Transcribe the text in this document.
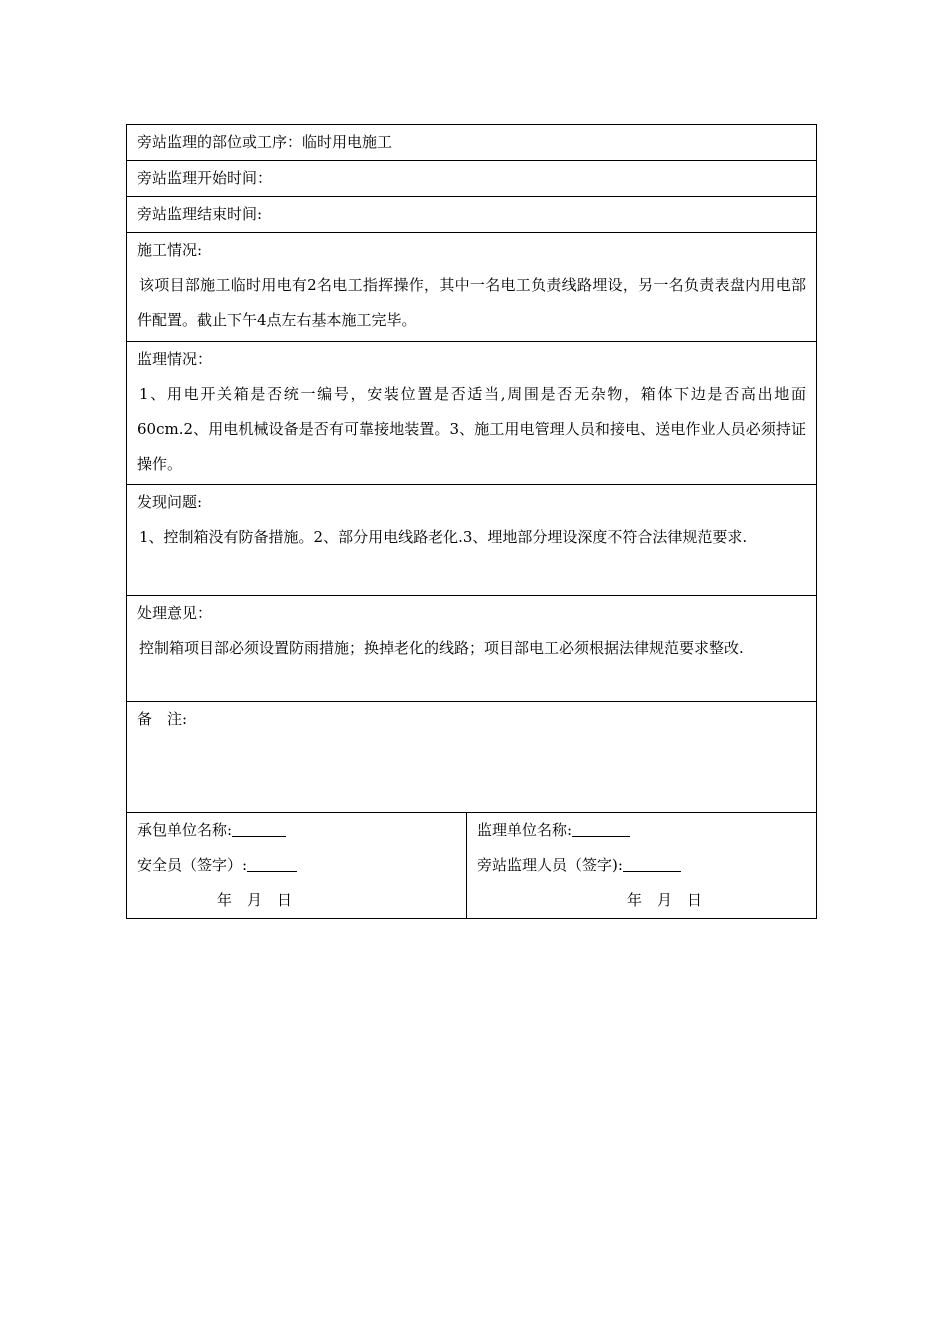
旁站监理的部位或工序：临时用电施工

旁站监理开始时间：

旁站监理结束时间:

施工情况:
该项目部施工临时用电有2名电工指挥操作，其中一名电工负责线路埋设，另一名负责表盘内用电部件配置。截止下午4点左右基本施工完毕。

监理情况：
1、用电开关箱是否统一编号，安装位置是否适当,周围是否无杂物，箱体下边是否高出地面60cm.2、用电机械设备是否有可靠接地装置。3、施工用电管理人员和接电、送电作业人员必须持证操作。

发现问题:
1、控制箱没有防备措施。2、部分用电线路老化.3、埋地部分埋设深度不符合法律规范要求.

处理意见：
控制箱项目部必须设置防雨措施；换掉老化的线路；项目部电工必须根据法律规范要求整改.

备　注:

承包单位名称:
安全员（签字）:
年　月　日

监理单位名称:
旁站监理人员（签字):
年　月　日
